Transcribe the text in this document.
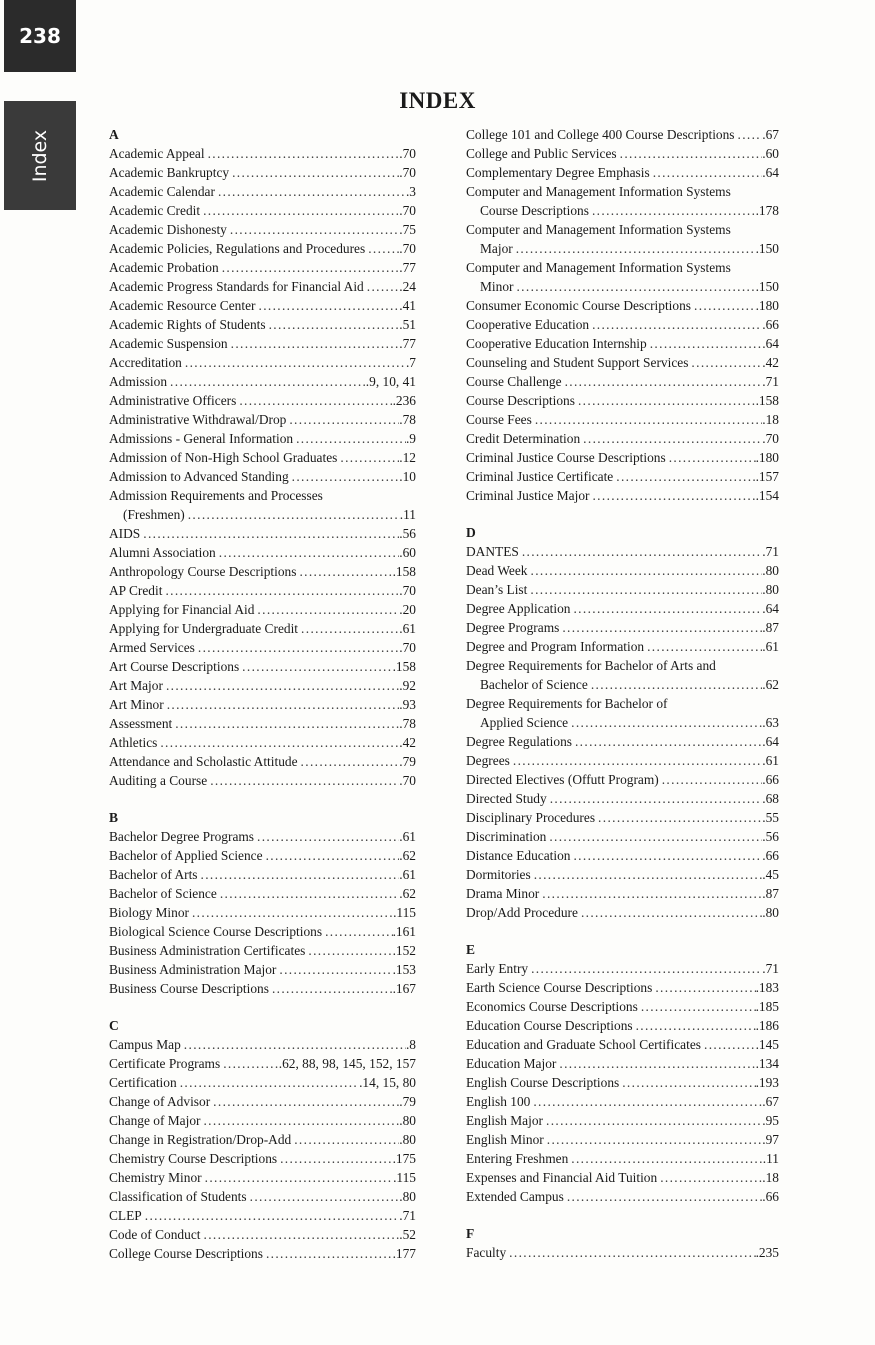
238
Index
INDEX
A
Academic Appeal . . .	.70
Academic Bankruptcy . . .	.70
Academic Calendar . . .	.3
Academic Credit . . .	.70
Academic Dishonesty . . .	.75
Academic Policies, Regulations and Procedures . . .	.70
Academic Probation . . .	.77
Academic Progress Standards for Financial Aid . . .	.24
Academic Resource Center . . .	.41
Academic Rights of Students . . .	.51
Academic Suspension . . .	.77
Accreditation . . .	.7
Admission . . .	.9, 10, 41
Administrative Officers . . .	.236
Administrative Withdrawal/Drop . . .	.78
Admissions - General Information . . .	.9
Admission of Non-High School Graduates . . .	.12
Admission to Advanced Standing . . .	.10
Admission Requirements and Processes
(Freshmen) . . .	.11
AIDS . . .	.56
Alumni Association . . .	.60
Anthropology Course Descriptions . . .	.158
AP Credit . . .	.70
Applying for Financial Aid . . .	.20
Applying for Undergraduate Credit . . .	.61
Armed Services . . .	.70
Art Course Descriptions . . .	.158
Art Major . . .	.92
Art Minor . . .	.93
Assessment . . .	.78
Athletics . . .	.42
Attendance and Scholastic Attitude . . .	.79
Auditing a Course . . .	.70
B
Bachelor Degree Programs . . .	.61
Bachelor of Applied Science . . .	.62
Bachelor of Arts . . .	.61
Bachelor of Science . . .	.62
Biology Minor . . .	.115
Biological Science Course Descriptions . . .	.161
Business Administration Certificates . . .	.152
Business Administration Major . . .	.153
Business Course Descriptions . . .	.167
C
Campus Map . . .	.8
Certificate Programs . . .	.62, 88, 98, 145, 152, 157
Certification . . .	.14, 15, 80
Change of Advisor . . .	.79
Change of Major . . .	.80
Change in Registration/Drop-Add . . .	.80
Chemistry Course Descriptions . . .	.175
Chemistry Minor . . .	.115
Classification of Students . . .	.80
CLEP . . .	.71
Code of Conduct . . .	.52
College Course Descriptions . . .	.177
College 101 and College 400 Course Descriptions . . . .67
College and Public Services . . .	.60
Complementary Degree Emphasis . . .	.64
Computer and Management Information Systems
Course Descriptions . . .	.178
Computer and Management Information Systems
Major . . .	.150
Computer and Management Information Systems
Minor . . .	.150
Consumer Economic Course Descriptions . . .	.180
Cooperative Education . . .	.66
Cooperative Education Internship . . .	.64
Counseling and Student Support Services . . .	.42
Course Challenge . . .	.71
Course Descriptions . . .	.158
Course Fees . . .	.18
Credit Determination . . .	.70
Criminal Justice Course Descriptions . . .	.180
Criminal Justice Certificate . . .	.157
Criminal Justice Major . . .	.154
D
DANTES . . .	.71
Dead Week . . .	.80
Dean’s List . . .	.80
Degree Application . . .	.64
Degree Programs . . .	.87
Degree and Program Information . . .	.61
Degree Requirements for Bachelor of Arts and
Bachelor of Science . . .	.62
Degree Requirements for Bachelor of
Applied Science . . .	.63
Degree Regulations . . .	.64
Degrees . . .	.61
Directed Electives (Offutt Program) . . .	.66
Directed Study . . .	.68
Disciplinary Procedures . . .	.55
Discrimination . . .	.56
Distance Education . . .	.66
Dormitories . . .	.45
Drama Minor . . .	.87
Drop/Add Procedure . . .	.80
E
Early Entry . . .	.71
Earth Science Course Descriptions . . .	.183
Economics Course Descriptions . . .	.185
Education Course Descriptions . . .	.186
Education and Graduate School Certificates . . .	.145
Education Major . . .	.134
English Course Descriptions . . .	.193
English 100 . . .	.67
English Major . . .	.95
English Minor . . .	.97
Entering Freshmen . . .	.11
Expenses and Financial Aid Tuition . . .	.18
Extended Campus . . .	.66
F
Faculty . . .	.235
